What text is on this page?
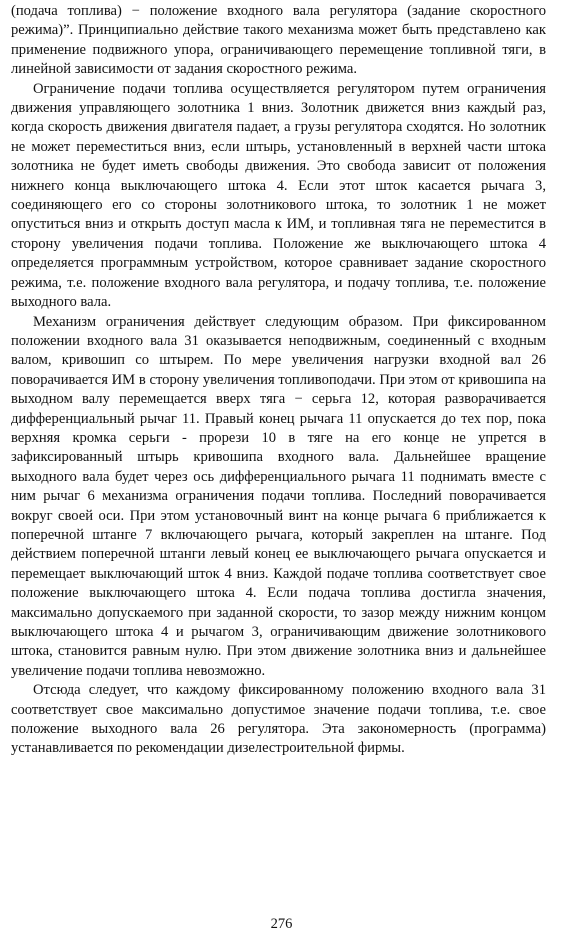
(подача топлива) − положение входного вала регулятора (задание скоростного режима)”. Принципиально действие такого механизма может быть представлено как применение подвижного упора, ограничивающего перемещение топливной тяги, в линейной зависимости от задания скоростного режима.

Ограничение подачи топлива осуществляется регулятором путем ограничения движения управляющего золотника 1 вниз. Золотник движется вниз каждый раз, когда скорость движения двигателя падает, а грузы регулятора сходятся. Но золотник не может переместиться вниз, если штырь, установленный в верхней части штока золотника не будет иметь свободы движения. Это свобода зависит от положения нижнего конца выключающего штока 4. Если этот шток касается рычага 3, соединяющего его со стороны золотникового штока, то золотник 1 не может опуститься вниз и открыть доступ масла к ИМ, и топливная тяга не переместится в сторону увеличения подачи топлива. Положение же выключающего штока 4 определяется программным устройством, которое сравнивает задание скоростного режима, т.е. положение входного вала регулятора, и подачу топлива, т.е. положение выходного вала.

Механизм ограничения действует следующим образом. При фиксированном положении входного вала 31 оказывается неподвижным, соединенный с входным валом, кривошип со штырем. По мере увеличения нагрузки входной вал 26 поворачивается ИМ в сторону увеличения топливоподачи. При этом от кривошипа на выходном валу перемещается вверх тяга − серьга 12, которая разворачивается дифференциальный рычаг 11. Правый конец рычага 11 опускается до тех пор, пока верхняя кромка серьги - прорези 10 в тяге на его конце не упрется в зафиксированный штырь кривошипа входного вала. Дальнейшее вращение выходного вала будет через ось дифференциального рычага 11 поднимать вместе с ним рычаг 6 механизма ограничения подачи топлива. Последний поворачивается вокруг своей оси. При этом установочный винт на конце рычага 6 приближается к поперечной штанге 7 включающего рычага, который закреплен на штанге. Под действием поперечной штанги левый конец ее выключающего рычага опускается и перемещает выключающий шток 4 вниз. Каждой подаче топлива соответствует свое положение выключающего штока 4. Если подача топлива достигла значения, максимально допускаемого при заданной скорости, то зазор между нижним концом выключающего штока 4 и рычагом 3, ограничивающим движение золотникового штока, становится равным нулю. При этом движение золотника вниз и дальнейшее увеличение подачи топлива невозможно.

Отсюда следует, что каждому фиксированному положению входного вала 31 соответствует свое максимально допустимое значение подачи топлива, т.е. свое положение выходного вала 26 регулятора. Эта закономерность (программа) устанавливается по рекомендации дизелестроительной фирмы.

276
